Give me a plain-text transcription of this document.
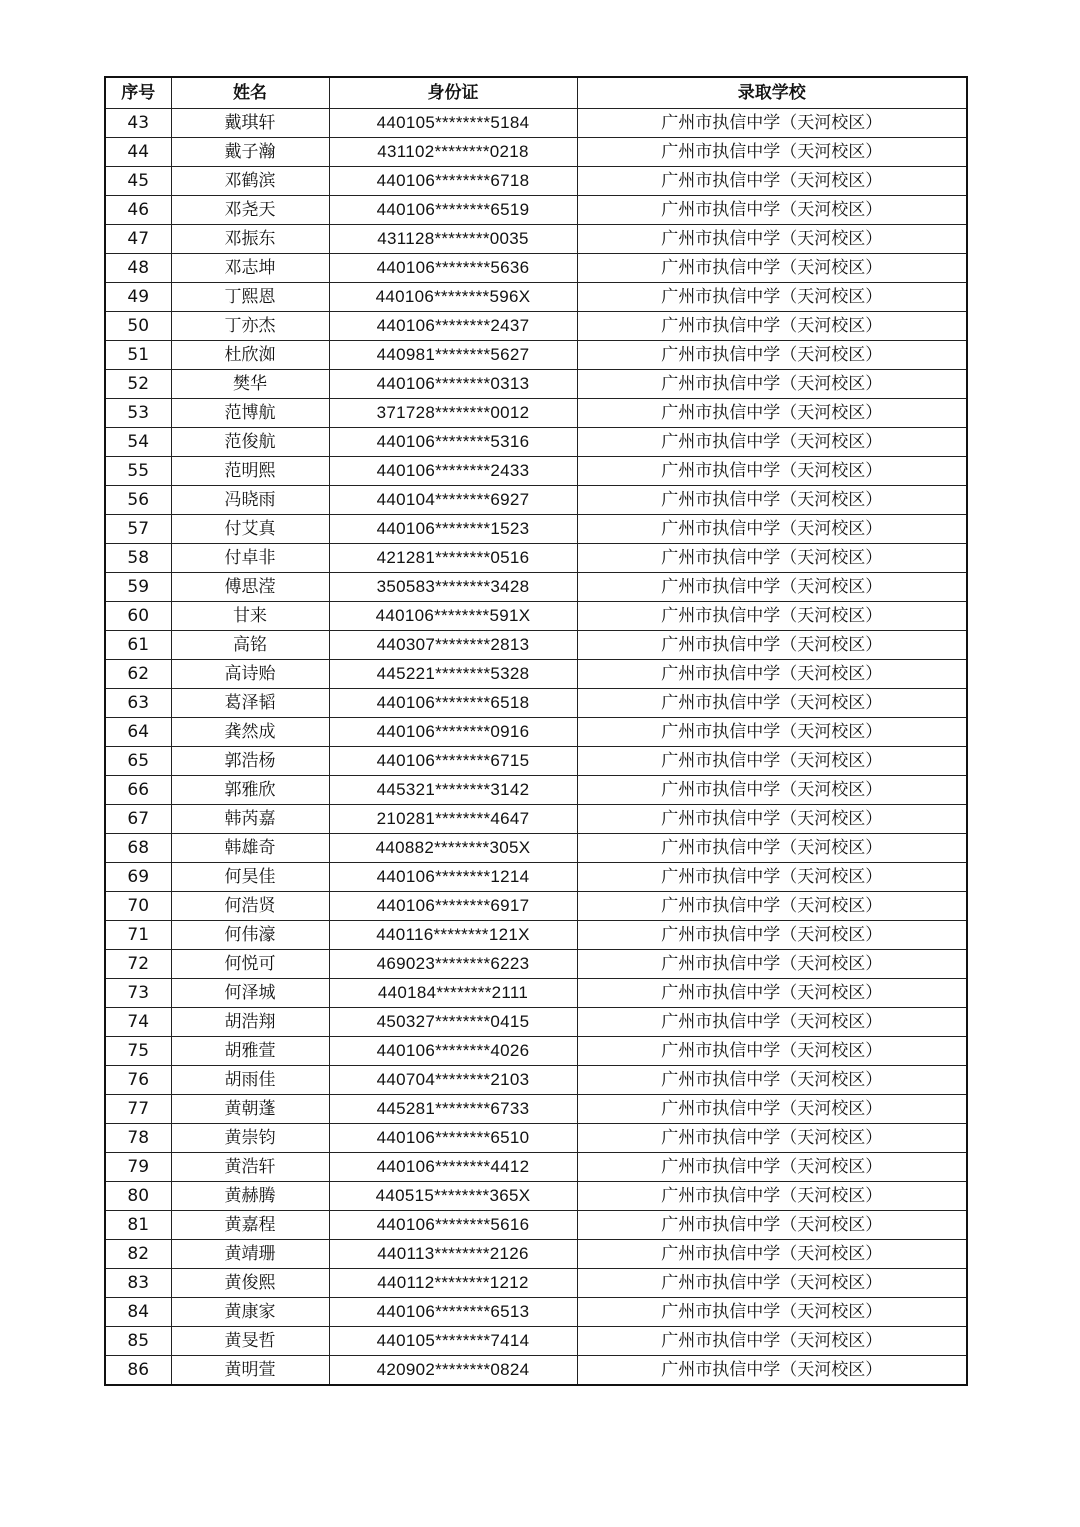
序号	姓名	身份证	录取学校
43	戴琪轩	440105********5184	广州市执信中学（天河校区）
44	戴子瀚	431102********0218	广州市执信中学（天河校区）
45	邓鹤滨	440106********6718	广州市执信中学（天河校区）
46	邓尧天	440106********6519	广州市执信中学（天河校区）
47	邓振东	431128********0035	广州市执信中学（天河校区）
48	邓志坤	440106********5636	广州市执信中学（天河校区）
49	丁熙恩	440106********596X	广州市执信中学（天河校区）
50	丁亦杰	440106********2437	广州市执信中学（天河校区）
51	杜欣洳	440981********5627	广州市执信中学（天河校区）
52	樊华	440106********0313	广州市执信中学（天河校区）
53	范博航	371728********0012	广州市执信中学（天河校区）
54	范俊航	440106********5316	广州市执信中学（天河校区）
55	范明熙	440106********2433	广州市执信中学（天河校区）
56	冯晓雨	440104********6927	广州市执信中学（天河校区）
57	付艾真	440106********1523	广州市执信中学（天河校区）
58	付卓非	421281********0516	广州市执信中学（天河校区）
59	傅思滢	350583********3428	广州市执信中学（天河校区）
60	甘来	440106********591X	广州市执信中学（天河校区）
61	高铭	440307********2813	广州市执信中学（天河校区）
62	高诗贻	445221********5328	广州市执信中学（天河校区）
63	葛泽韬	440106********6518	广州市执信中学（天河校区）
64	龚然成	440106********0916	广州市执信中学（天河校区）
65	郭浩杨	440106********6715	广州市执信中学（天河校区）
66	郭雅欣	445321********3142	广州市执信中学（天河校区）
67	韩芮嘉	210281********4647	广州市执信中学（天河校区）
68	韩雄奇	440882********305X	广州市执信中学（天河校区）
69	何昊佳	440106********1214	广州市执信中学（天河校区）
70	何浩贤	440106********6917	广州市执信中学（天河校区）
71	何伟濠	440116********121X	广州市执信中学（天河校区）
72	何悦可	469023********6223	广州市执信中学（天河校区）
73	何泽城	440184********2111	广州市执信中学（天河校区）
74	胡浩翔	450327********0415	广州市执信中学（天河校区）
75	胡雅萱	440106********4026	广州市执信中学（天河校区）
76	胡雨佳	440704********2103	广州市执信中学（天河校区）
77	黄朝蓬	445281********6733	广州市执信中学（天河校区）
78	黄崇钧	440106********6510	广州市执信中学（天河校区）
79	黄浩轩	440106********4412	广州市执信中学（天河校区）
80	黄赫腾	440515********365X	广州市执信中学（天河校区）
81	黄嘉程	440106********5616	广州市执信中学（天河校区）
82	黄靖珊	440113********2126	广州市执信中学（天河校区）
83	黄俊熙	440112********1212	广州市执信中学（天河校区）
84	黄康家	440106********6513	广州市执信中学（天河校区）
85	黄旻哲	440105********7414	广州市执信中学（天河校区）
86	黄明萱	420902********0824	广州市执信中学（天河校区）
